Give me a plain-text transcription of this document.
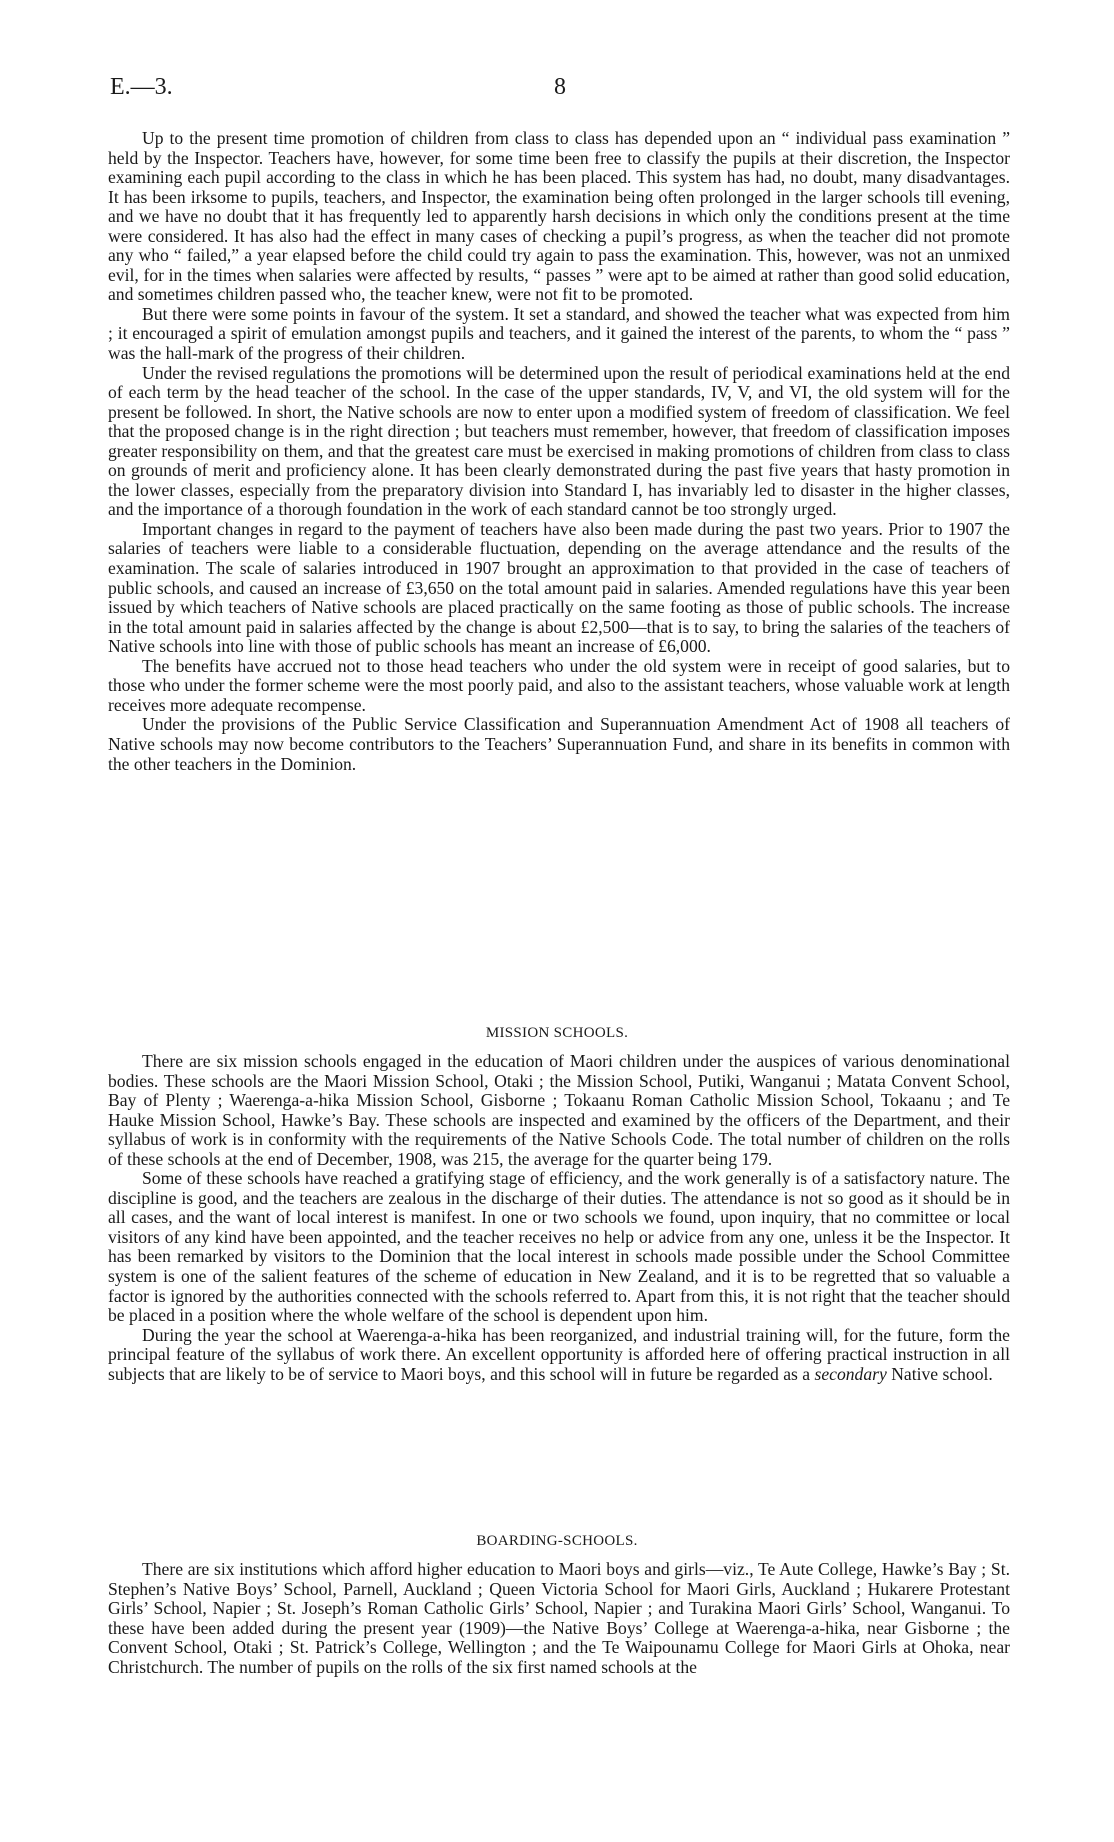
E.—3.	8

Up to the present time promotion of children from class to class has depended upon an “ individual pass examination ” held by the Inspector. Teachers have, however, for some time been free to classify the pupils at their discretion, the Inspector examining each pupil according to the class in which he has been placed. This system has had, no doubt, many disadvantages. It has been irksome to pupils, teachers, and Inspector, the examination being often prolonged in the larger schools till evening, and we have no doubt that it has frequently led to apparently harsh decisions in which only the conditions present at the time were considered. It has also had the effect in many cases of checking a pupil’s progress, as when the teacher did not promote any who “ failed,” a year elapsed before the child could try again to pass the examination. This, however, was not an unmixed evil, for in the times when salaries were affected by results, “ passes ” were apt to be aimed at rather than good solid education, and sometimes children passed who, the teacher knew, were not fit to be promoted.

But there were some points in favour of the system. It set a standard, and showed the teacher what was expected from him ; it encouraged a spirit of emulation amongst pupils and teachers, and it gained the interest of the parents, to whom the “ pass ” was the hall-mark of the progress of their children.

Under the revised regulations the promotions will be determined upon the result of periodical examinations held at the end of each term by the head teacher of the school. In the case of the upper standards, IV, V, and VI, the old system will for the present be followed. In short, the Native schools are now to enter upon a modified system of freedom of classification. We feel that the proposed change is in the right direction ; but teachers must remember, however, that freedom of classification imposes greater responsibility on them, and that the greatest care must be exercised in making promotions of children from class to class on grounds of merit and proficiency alone. It has been clearly demonstrated during the past five years that hasty promotion in the lower classes, especially from the preparatory division into Standard I, has invariably led to disaster in the higher classes, and the importance of a thorough foundation in the work of each standard cannot be too strongly urged.

Important changes in regard to the payment of teachers have also been made during the past two years. Prior to 1907 the salaries of teachers were liable to a considerable fluctuation, depending on the average attendance and the results of the examination. The scale of salaries introduced in 1907 brought an approximation to that provided in the case of teachers of public schools, and caused an increase of £3,650 on the total amount paid in salaries. Amended regulations have this year been issued by which teachers of Native schools are placed practically on the same footing as those of public schools. The increase in the total amount paid in salaries affected by the change is about £2,500—that is to say, to bring the salaries of the teachers of Native schools into line with those of public schools has meant an increase of £6,000.

The benefits have accrued not to those head teachers who under the old system were in receipt of good salaries, but to those who under the former scheme were the most poorly paid, and also to the assistant teachers, whose valuable work at length receives more adequate recompense.

Under the provisions of the Public Service Classification and Superannuation Amendment Act of 1908 all teachers of Native schools may now become contributors to the Teachers’ Superannuation Fund, and share in its benefits in common with the other teachers in the Dominion.

MISSION SCHOOLS.

There are six mission schools engaged in the education of Maori children under the auspices of various denominational bodies. These schools are the Maori Mission School, Otaki ; the Mission School, Putiki, Wanganui ; Matata Convent School, Bay of Plenty ; Waerenga-a-hika Mission School, Gisborne ; Tokaanu Roman Catholic Mission School, Tokaanu ; and Te Hauke Mission School, Hawke’s Bay. These schools are inspected and examined by the officers of the Department, and their syllabus of work is in conformity with the requirements of the Native Schools Code. The total number of children on the rolls of these schools at the end of December, 1908, was 215, the average for the quarter being 179.

Some of these schools have reached a gratifying stage of efficiency, and the work generally is of a satisfactory nature. The discipline is good, and the teachers are zealous in the discharge of their duties. The attendance is not so good as it should be in all cases, and the want of local interest is manifest. In one or two schools we found, upon inquiry, that no committee or local visitors of any kind have been appointed, and the teacher receives no help or advice from any one, unless it be the Inspector. It has been remarked by visitors to the Dominion that the local interest in schools made possible under the School Committee system is one of the salient features of the scheme of education in New Zealand, and it is to be regretted that so valuable a factor is ignored by the authorities connected with the schools referred to. Apart from this, it is not right that the teacher should be placed in a position where the whole welfare of the school is dependent upon him.

During the year the school at Waerenga-a-hika has been reorganized, and industrial training will, for the future, form the principal feature of the syllabus of work there. An excellent opportunity is afforded here of offering practical instruction in all subjects that are likely to be of service to Maori boys, and this school will in future be regarded as a secondary Native school.

BOARDING-SCHOOLS.

There are six institutions which afford higher education to Maori boys and girls—viz., Te Aute College, Hawke’s Bay ; St. Stephen’s Native Boys’ School, Parnell, Auckland ; Queen Victoria School for Maori Girls, Auckland ; Hukarere Protestant Girls’ School, Napier ; St. Joseph’s Roman Catholic Girls’ School, Napier ; and Turakina Maori Girls’ School, Wanganui. To these have been added during the present year (1909)—the Native Boys’ College at Waerenga-a-hika, near Gisborne ; the Convent School, Otaki ; St. Patrick’s College, Wellington ; and the Te Waipounamu College for Maori Girls at Ohoka, near Christchurch. The number of pupils on the rolls of the six first named schools at the
